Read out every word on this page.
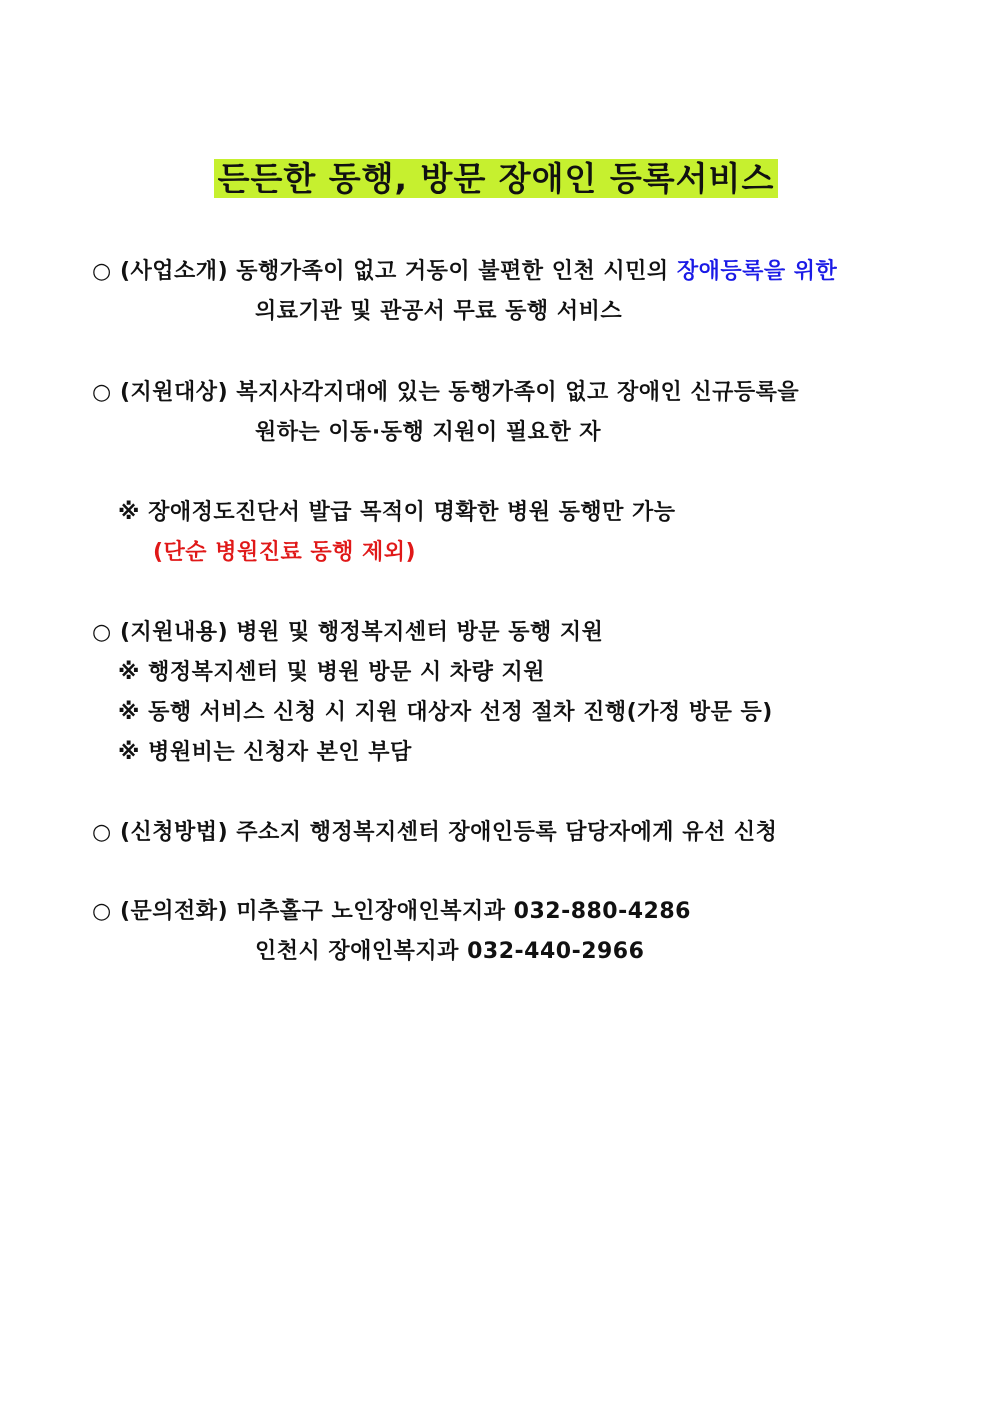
든든한 동행, 방문 장애인 등록서비스
○ (사업소개) 동행가족이 없고 거동이 불편한 인천 시민의 장애등록을 위한
의료기관 및 관공서 무료 동행 서비스
○ (지원대상) 복지사각지대에 있는 동행가족이 없고 장애인 신규등록을
원하는 이동·동행 지원이 필요한 자
※ 장애정도진단서 발급 목적이 명확한 병원 동행만 가능
(단순 병원진료 동행 제외)
○ (지원내용) 병원 및 행정복지센터 방문 동행 지원
※ 행정복지센터 및 병원 방문 시 차량 지원
※ 동행 서비스 신청 시 지원 대상자 선정 절차 진행(가정 방문 등)
※ 병원비는 신청자 본인 부담
○ (신청방법) 주소지 행정복지센터 장애인등록 담당자에게 유선 신청
○ (문의전화) 미추홀구 노인장애인복지과 032-880-4286
인천시 장애인복지과 032-440-2966
